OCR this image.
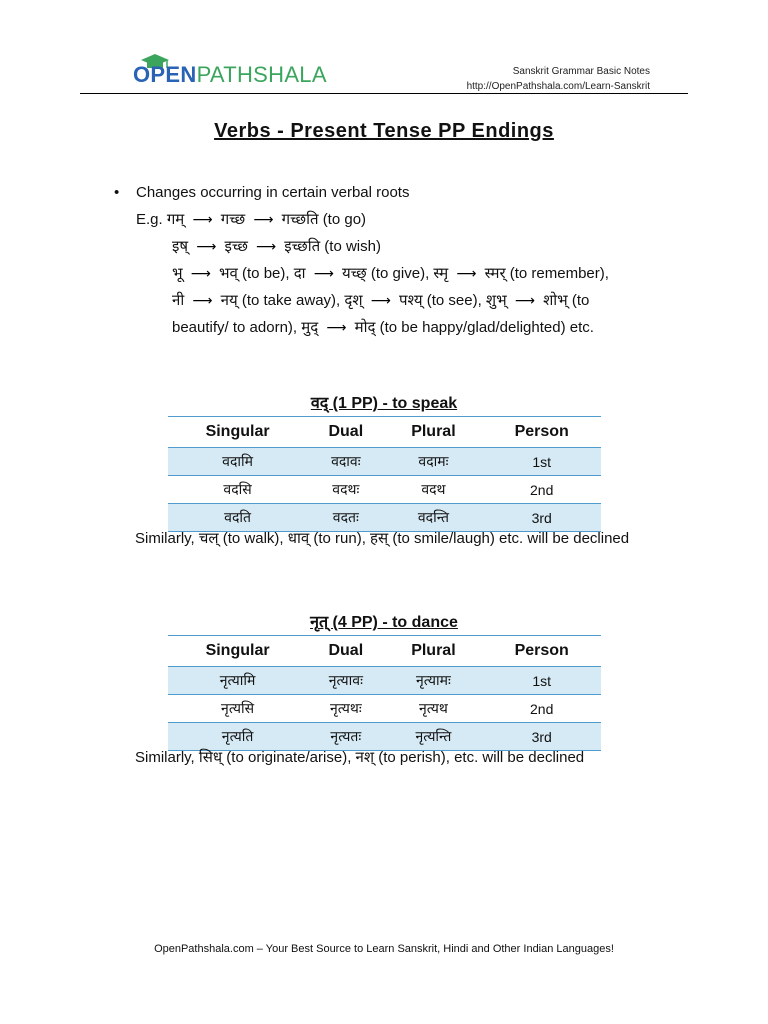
OPENPATHSHALA	Sanskrit Grammar Basic Notes
http://OpenPathshala.com/Learn-Sanskrit
Verbs - Present Tense PP Endings
• Changes occurring in certain verbal roots
E.g. गम् ⟶ गच्छ ⟶ गच्छति (to go)
इष् ⟶ इच्छ ⟶ इच्छति (to wish)
भू ⟶ भव् (to be), दा ⟶ यच्छ् (to give), स्मृ ⟶ स्मर् (to remember),
नी ⟶ नय् (to take away), दृश् ⟶ पश्य् (to see), शुभ् ⟶ शोभ् (to
beautify/ to adorn), मुद् ⟶ मोद् (to be happy/glad/delighted) etc.
वद् (1 PP) - to speak
Singular	Dual	Plural	Person
वदामि	वदावः	वदामः	1st
वदसि	वदथः	वदथ	2nd
वदति	वदतः	वदन्ति	3rd
Similarly, चल् (to walk), धाव् (to run), हस् (to smile/laugh) etc. will be declined
नृत् (4 PP) - to dance
Singular	Dual	Plural	Person
नृत्यामि	नृत्यावः	नृत्यामः	1st
नृत्यसि	नृत्यथः	नृत्यथ	2nd
नृत्यति	नृत्यतः	नृत्यन्ति	3rd
Similarly, सिध् (to originate/arise), नश् (to perish), etc. will be declined
OpenPathshala.com – Your Best Source to Learn Sanskrit, Hindi and Other Indian Languages!
